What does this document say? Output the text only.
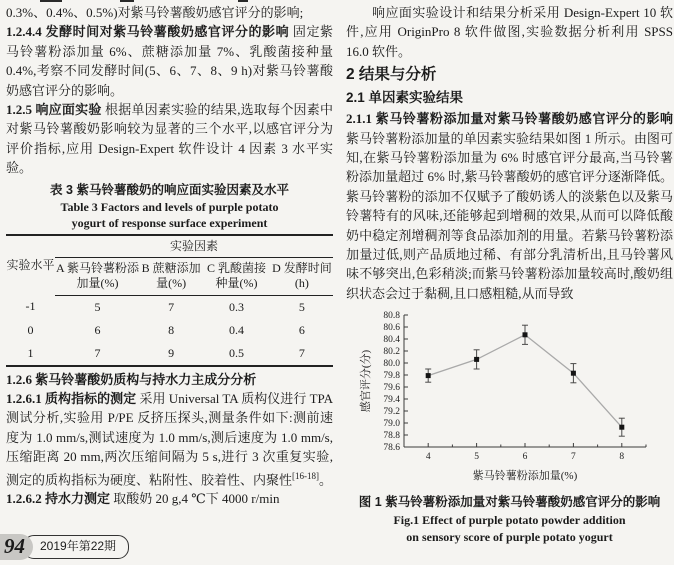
0.3%、0.4%、0.5%)对紫马铃薯酸奶感官评分的影响;

1.2.4.4 发酵时间对紫马铃薯酸奶感官评分的影响 固定紫马铃薯粉添加量 6%、蔗糖添加量 7%、乳酸菌接种量 0.4%,考察不同发酵时间(5、6、7、8、9 h)对紫马铃薯酸奶感官评分的影响。

1.2.5 响应面实验 根据单因素实验的结果,选取每个因素中对紫马铃薯酸奶影响较为显著的三个水平,以感官评分为评价指标,应用 Design-Expert 软件设计 4 因素 3 水平实验。

表 3 紫马铃薯酸奶的响应面实验因素及水平
Table 3 Factors and levels of purple potato
yogurt of response surface experiment
实验水平	实验因素			
	A 紫马铃薯粉添加量(%)	B 蔗糖添加量(%)	C 乳酸菌接种量(%)	D 发酵时间(h)
-1	5	7	0.3	5
0	6	8	0.4	6
1	7	9	0.5	7

1.2.6 紫马铃薯酸奶质构与持水力主成分分析

1.2.6.1 质构指标的测定 采用 Universal TA 质构仪进行 TPA 测试分析,实验用 P/PE 反挤压探头,测量条件如下:测前速度为 1.0 mm/s,测试速度为 1.0 mm/s,测后速度为 1.0 mm/s,压缩距离 20 mm,两次压缩间隔为 5 s,进行 3 次重复实验,测定的质构指标为硬度、粘附性、胶着性、内聚性[16-18]。

1.2.6.2 持水力测定 取酸奶 20 g,4 ℃下 4000 r/min

响应面实验设计和结果分析采用 Design-Expert 10 软件,应用 OriginPro 8 软件做图,实验数据分析利用 SPSS 16.0 软件。

2 结果与分析
2.1 单因素实验结果

2.1.1 紫马铃薯粉添加量对紫马铃薯酸奶感官评分的影响 紫马铃薯粉添加量的单因素实验结果如图 1 所示。由图可知,在紫马铃薯粉添加量为 6% 时感官评分最高,当马铃薯粉添加量超过 6% 时,紫马铃薯酸奶的感官评分逐渐降低。紫马铃薯粉的添加不仅赋予了酸奶诱人的淡紫色以及紫马铃薯特有的风味,还能够起到增稠的效果,从而可以降低酸奶中稳定剂增稠剂等食品添加剂的用量。若紫马铃薯粉添加量过低,则产品质地过稀、有部分乳清析出,且马铃薯风味不够突出,色彩稍淡;而紫马铃薯粉添加量较高时,酸奶组织状态会过于黏稠,且口感粗糙,从而导致

78.6
78.8
79.0
79.2
79.4
79.6
79.8
80.0
80.2
80.4
80.6
80.8
4	5	6	7	8
紫马铃薯粉添加量(%)
感官评分(分)
图 1 紫马铃薯粉添加量对紫马铃薯酸奶感官评分的影响
Fig.1 Effect of purple potato powder addition
on sensory score of purple potato yogurt
94	2019年第22期
